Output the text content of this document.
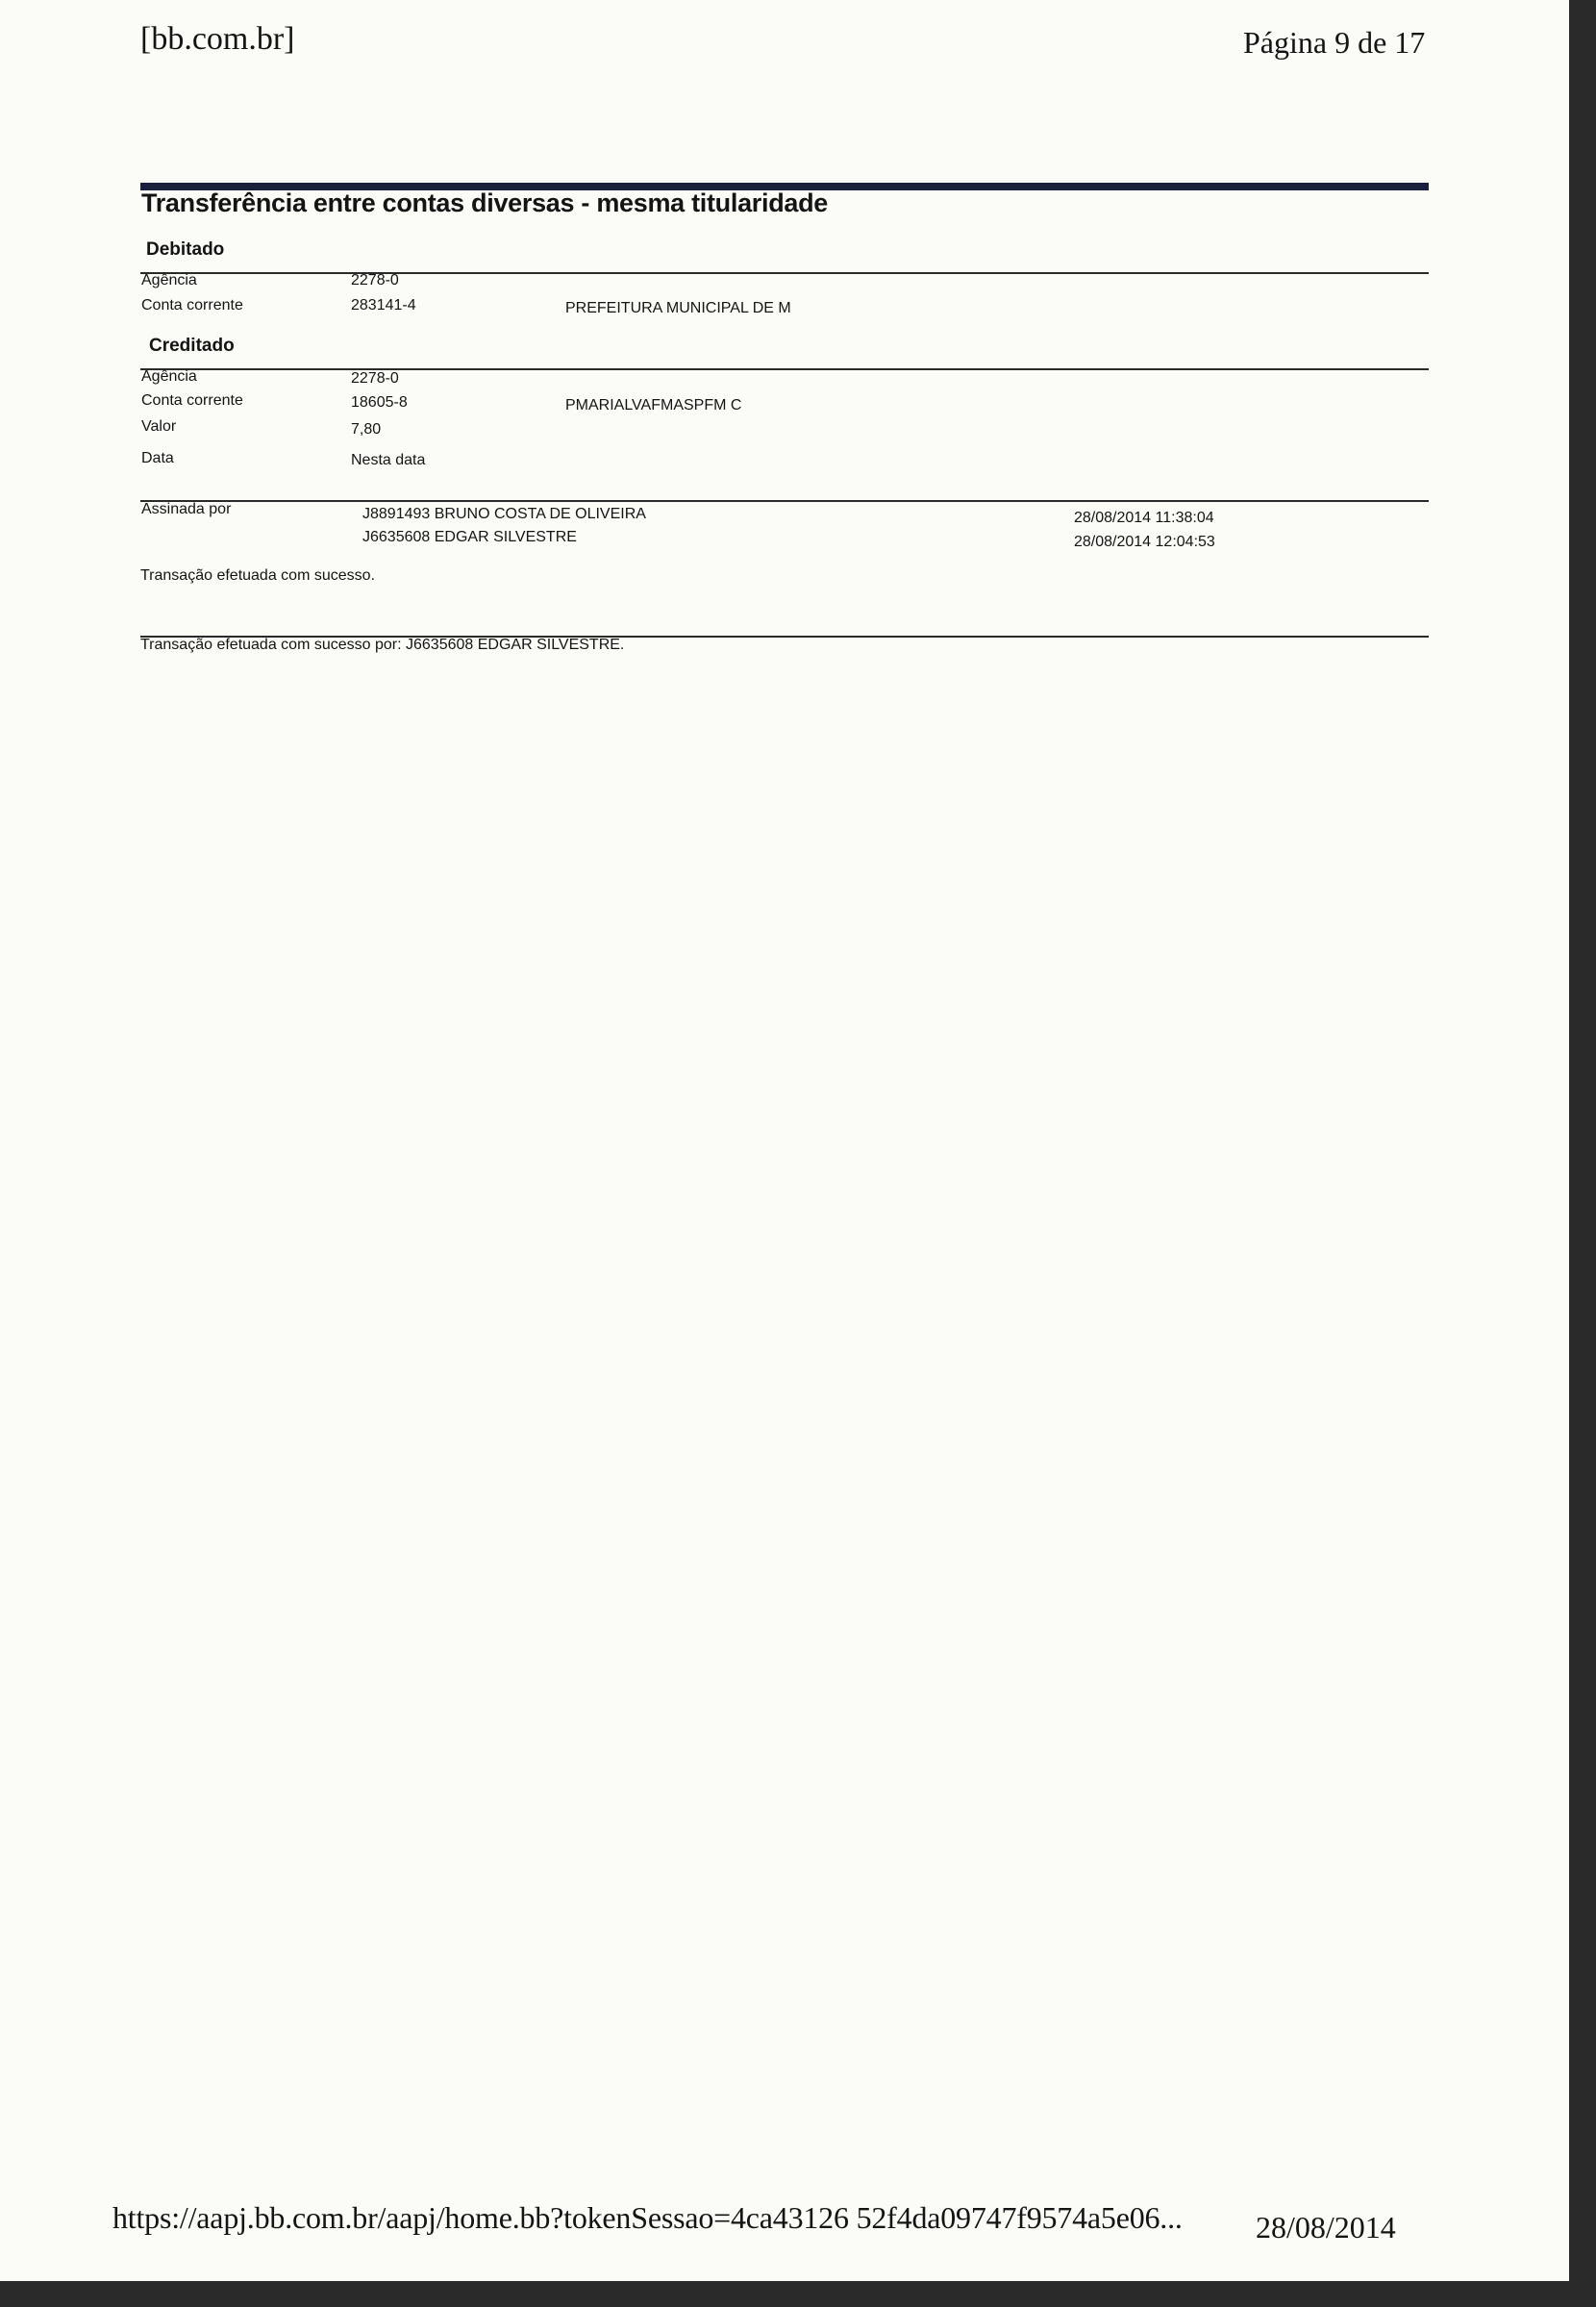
[bb.com.br]	Página 9 de 17
Transferência entre contas diversas - mesma titularidade
Debitado
Agência	2278-0
Conta corrente	283141-4	PREFEITURA MUNICIPAL DE M
Creditado
Agência	2278-0
Conta corrente	18605-8	PMARIALVAFMASPFM C
Valor	7,80
Data	Nesta data
Assinada por	J8891493 BRUNO COSTA DE OLIVEIRA	28/08/2014 11:38:04
J6635608 EDGAR SILVESTRE	28/08/2014 12:04:53
Transação efetuada com sucesso.
Transação efetuada com sucesso por: J6635608 EDGAR SILVESTRE.
https://aapj.bb.com.br/aapj/home.bb?tokenSessao=4ca43126 52f4da09747f9574a5e06... 28/08/2014
